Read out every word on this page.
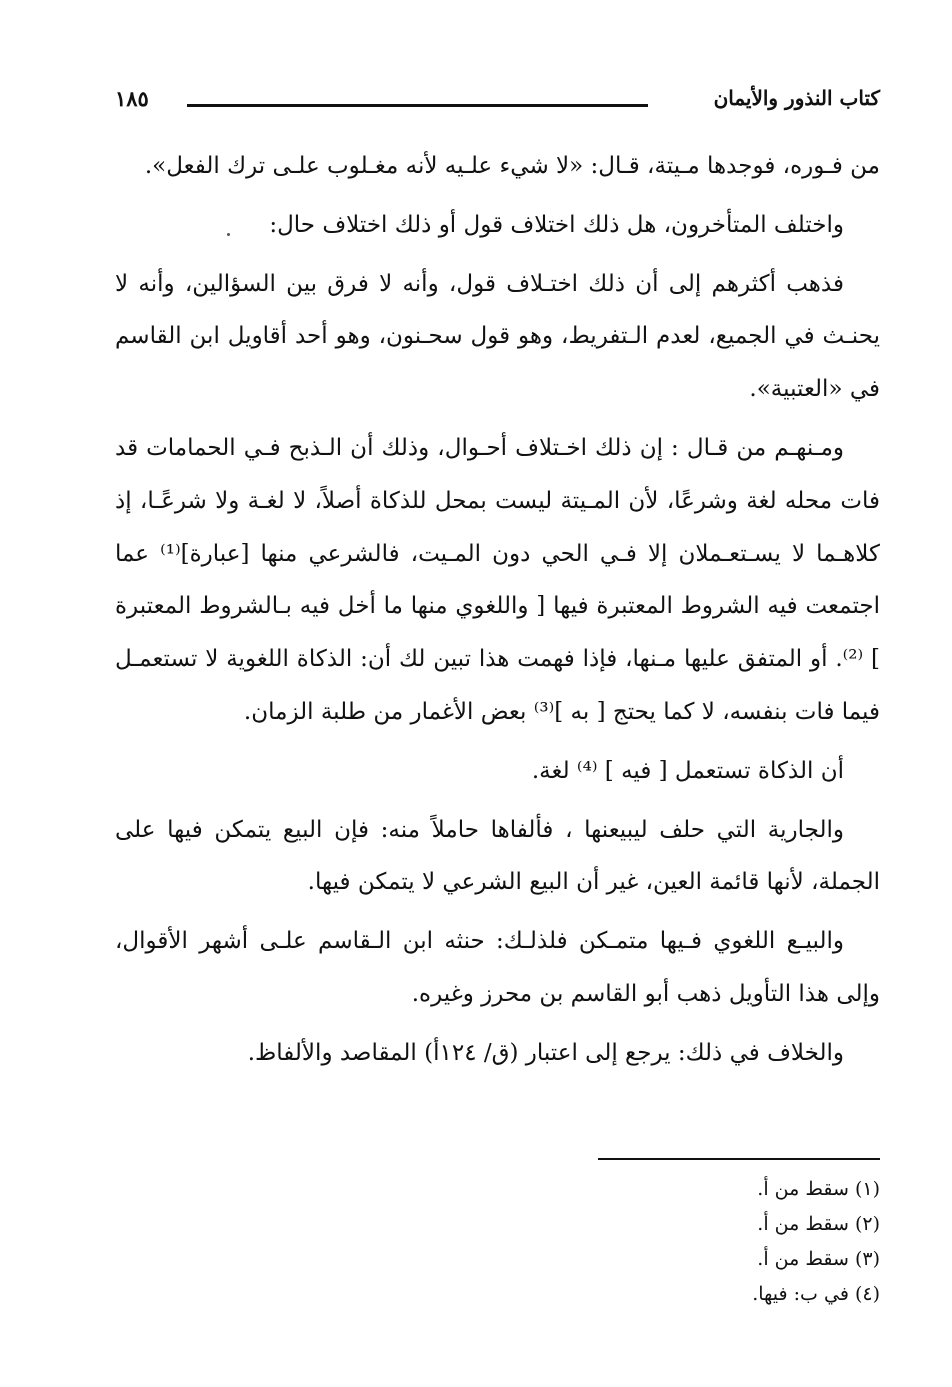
كتاب النذور والأيمان
١٨٥

من فـوره، فوجدها مـيتة، قـال: «لا شيء علـيه لأنه مغـلوب علـى ترك الفعل».

واختلف المتأخرون، هل ذلك اختلاف قول أو ذلك اختلاف حال:

فذهب أكثرهم إلى أن ذلك اختـلاف قول، وأنه لا فرق بين السؤالين، وأنه لا يحنـث في الجميع، لعدم الـتفريط، وهو قول سحـنون، وهو أحد أقاويل ابن القاسم في «العتبية».

ومـنهـم من قـال : إن ذلك اخـتلاف أحـوال، وذلك أن الـذبح فـي الحمامات قد فات محله لغة وشرعًا، لأن المـيتة ليست بمحل للذكاة أصلاً، لا لغـة ولا شرعًـا، إذ كلاهـما لا يسـتعـملان إلا فـي الحي دون المـيت، فالشرعي منها [عبارة]⁽¹⁾ عما اجتمعت فيه الشروط المعتبرة فيها [ واللغوي منها ما أخل فيه بـالشروط المعتبرة ] ⁽²⁾. أو المتفق عليها مـنها، فإذا فهمت هذا تبين لك أن: الذكاة اللغوية لا تستعمـل فيما فات بنفسه، لا كما يحتج [ به ]⁽³⁾ بعض الأغمار من طلبة الزمان.

أن الذكاة تستعمل [ فيه ] ⁽⁴⁾ لغة.

والجارية التي حلف ليبيعنها ، فألفاها حاملاً منه: فإن البيع يتمكن فيها على الجملة، لأنها قائمة العين، غير أن البيع الشرعي لا يتمكن فيها.

والبيـع اللغوي فـيها متمـكن فلذلـك: حنثه ابن الـقاسم علـى أشهر الأقوال، وإلى هذا التأويل ذهب أبو القاسم بن محرز وغيره.

والخلاف في ذلك: يرجع إلى اعتبار (ق/ ١٢٤أ) المقاصد والألفاظ.

(١) سقط من أ.
(٢) سقط من أ.
(٣) سقط من أ.
(٤) في ب: فيها.
